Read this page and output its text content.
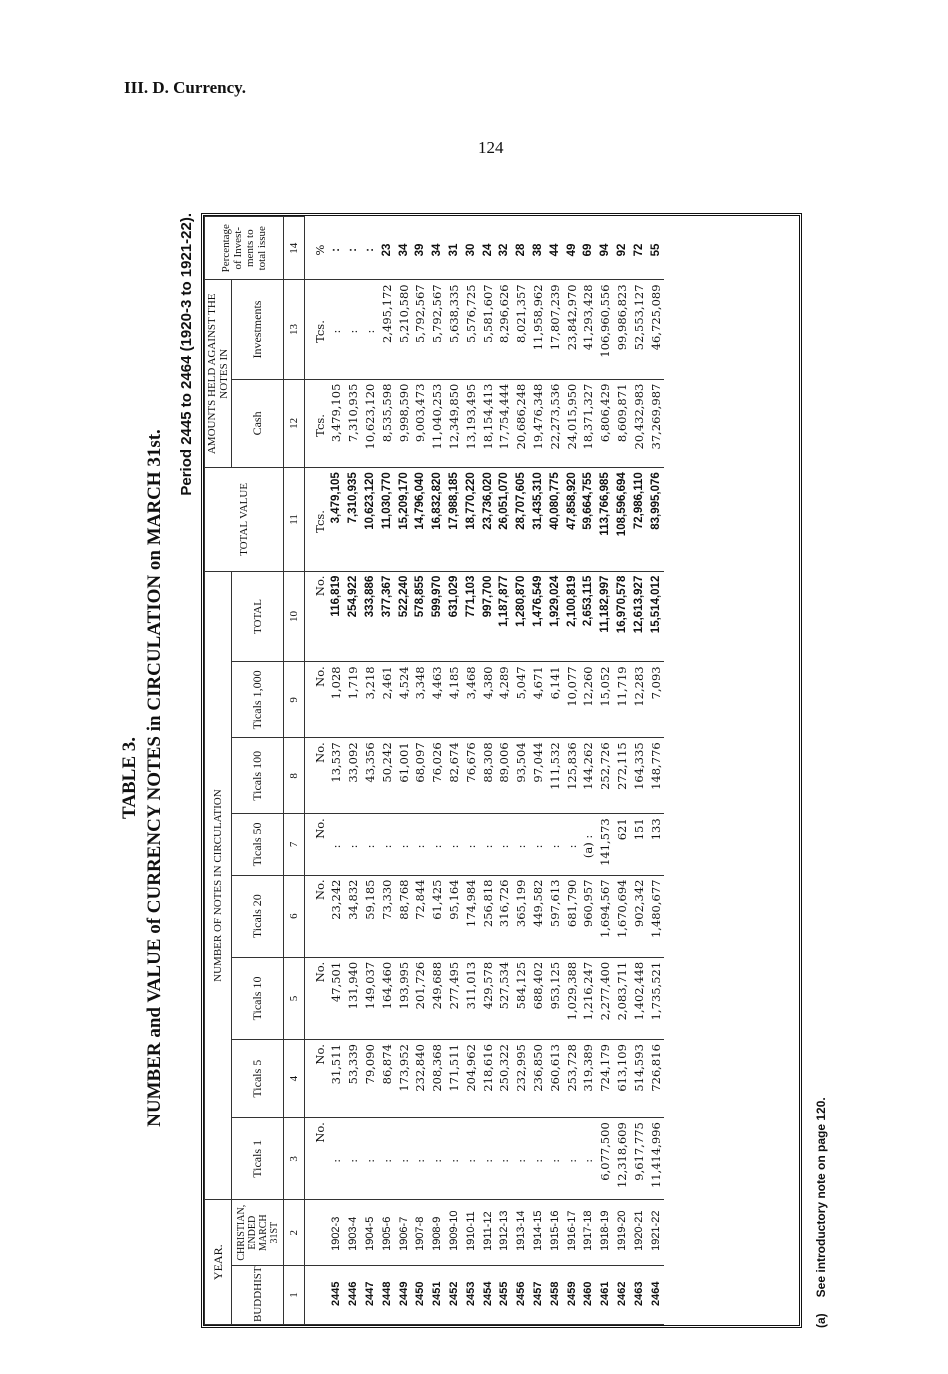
III. D. Currency.
124
TABLE 3. NUMBER and VALUE of CURRENCY NOTES in CIRCULATION on MARCH 31st.
Period 2445 to 2464 (1920-3 to 1921-22).
YEAR.		NUMBER OF NOTES IN CIRCULATION								TOTAL VALUE	AMOUNTS HELD AGAINST THE NOTES IN		Percentage of Invest- ments to total issue
BUDDHIST	CHRISTIAN, ENDED MARCH 31ST	Ticals 1	Ticals 5	Ticals 10	Ticals 20	Ticals 50	Ticals 100	Ticals 1,000	TOTAL		Cash	Investments	
1	2	3	4	5	6	7	8	9	10	11	12	13	14
		No.	No.	No.	No.	No.	No.	No.	No.	Tcs.	Tcs.	Tcs.	%
2445	1902-3	:	31,511	47,501	23,242	:	13,537	1,028	116,819	3,479,105	3,479,105	:	:
2446	1903-4	:	53,339	131,940	34,832	:	33,092	1,719	254,922	7,310,935	7,310,935	:	:
2447	1904-5	:	79,090	149,037	59,185	:	43,356	3,218	333,886	10,623,120	10,623,120	:	:
2448	1905-6	:	86,874	164,460	73,330	:	50,242	2,461	377,367	11,030,770	8,535,598	2,495,172	23
2449	1906-7	:	173,952	193,995	88,768	:	61,001	4,524	522,240	15,209,170	9,998,590	5,210,580	34
2450	1907-8	:	232,840	201,726	72,844	:	68,097	3,348	578,855	14,796,040	9,003,473	5,792,567	39
2451	1908-9	:	208,368	249,688	61,425	:	76,026	4,463	599,970	16,832,820	11,040,253	5,792,567	34
2452	1909-10	:	171,511	277,495	95,164	:	82,674	4,185	631,029	17,988,185	12,349,850	5,638,335	31
2453	1910-11	:	204,962	311,013	174,984	:	76,676	3,468	771,103	18,770,220	13,193,495	5,576,725	30
2454	1911-12	:	218,616	429,578	256,818	:	88,308	4,380	997,700	23,736,020	18,154,413	5,581,607	24
2455	1912-13	:	250,322	527,534	316,726	:	89,006	4,289	1,187,877	26,051,070	17,754,444	8,296,626	32
2456	1913-14	:	232,995	584,125	365,199	:	93,504	5,047	1,280,870	28,707,605	20,686,248	8,021,357	28
2457	1914-15	:	236,850	688,402	449,582	:	97,044	4,671	1,476,549	31,435,310	19,476,348	11,958,962	38
2458	1915-16	:	260,613	953,125	597,613	:	111,532	6,141	1,929,024	40,080,775	22,273,536	17,807,239	44
2459	1916-17	:	253,728	1,029,388	681,790	:	125,836	10,077	2,100,819	47,858,920	24,015,950	23,842,970	49
2460	1917-18	:	319,389	1,216,247	960,957	(a) :	144,262	12,260	2,653,115	59,664,755	18,371,327	41,293,428	69
2461	1918-19	6,077,500	724,179	2,277,400	1,694,567	141,573	252,726	15,052	11,182,997	113,766,985	6,806,429	106,960,556	94
2462	1919-20	12,318,609	613,109	2,083,711	1,670,694	621	272,115	11,719	16,970,578	108,596,694	8,609,871	99,986,823	92
2463	1920-21	9,617,775	514,593	1,402,448	902,342	151	164,335	12,283	12,613,927	72,986,110	20,432,983	52,553,127	72
2464	1921-22	11,414,996	726,816	1,735,521	1,480,677	133	148,776	7,093	15,514,012	83,995,076	37,269,987	46,725,089	55
(a)See introductory note on page 120.
